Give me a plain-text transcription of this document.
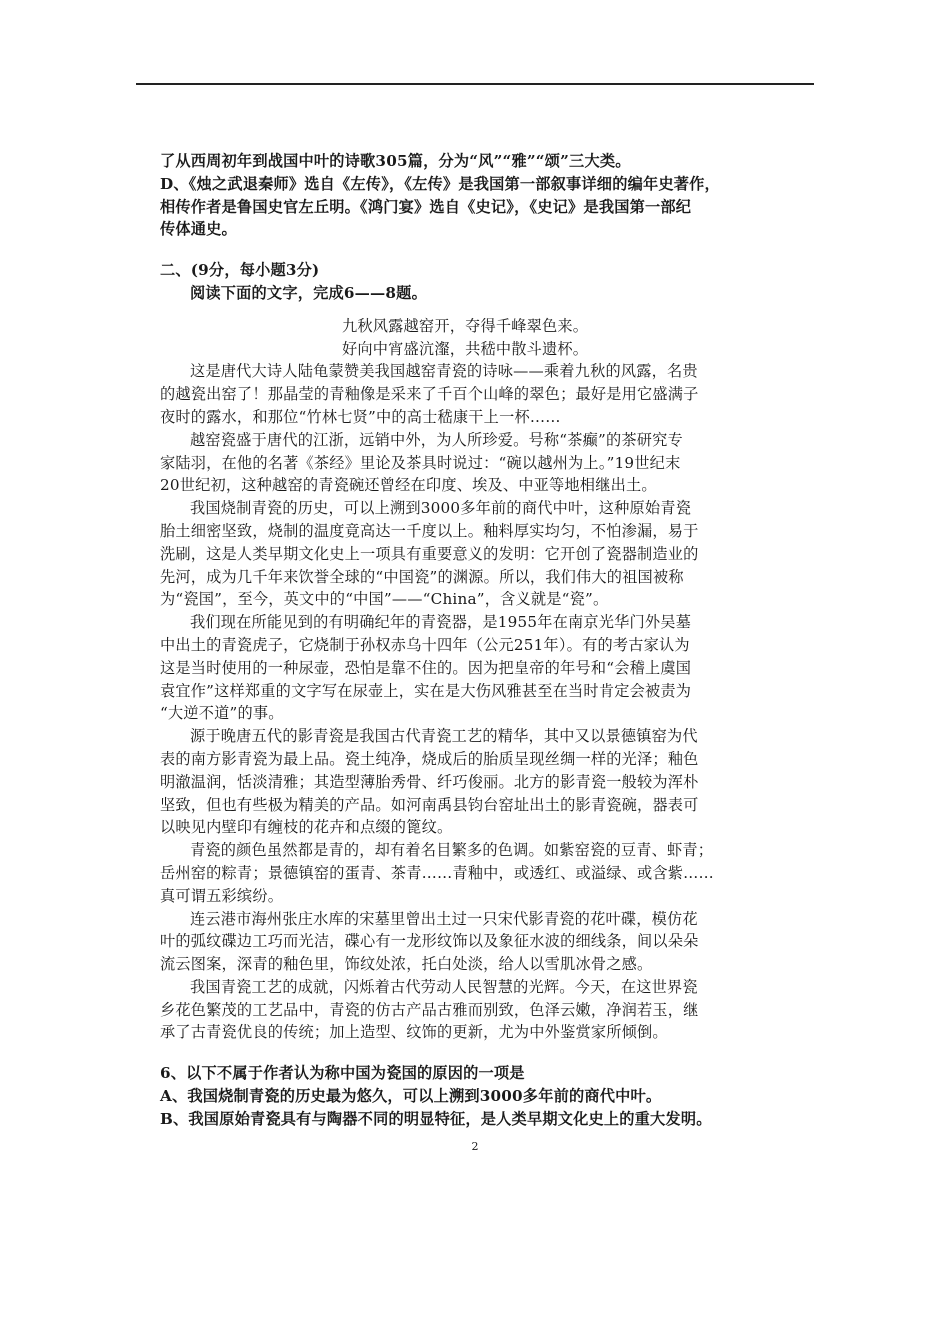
了从西周初年到战国中叶的诗歌305篇，分为“风”“雅”“颂”三大类。
D、《烛之武退秦师》选自《左传》，《左传》是我国第一部叙事详细的编年史著作，
相传作者是鲁国史官左丘明。《鸿门宴》选自《史记》，《史记》是我国第一部纪
传体通史。
二、(9分，每小题3分)
阅读下面的文字，完成6——8题。
九秋风露越窑开，夺得千峰翠色来。
好向中宵盛沆瀣，共嵇中散斗遗杯。
这是唐代大诗人陆龟蒙赞美我国越窑青瓷的诗咏——乘着九秋的风露，名贵
的越瓷出窑了！那晶莹的青釉像是采来了千百个山峰的翠色；最好是用它盛满子
夜时的露水，和那位“竹林七贤”中的高士嵇康干上一杯……
越窑瓷盛于唐代的江浙，远销中外，为人所珍爱。号称“茶癫”的茶研究专
家陆羽，在他的名著《茶经》里论及茶具时说过：“碗以越州为上。”19世纪末
20世纪初，这种越窑的青瓷碗还曾经在印度、埃及、中亚等地相继出土。
我国烧制青瓷的历史，可以上溯到3000多年前的商代中叶，这种原始青瓷
胎土细密坚致，烧制的温度竟高达一千度以上。釉料厚实均匀，不怕渗漏，易于
洗刷，这是人类早期文化史上一项具有重要意义的发明：它开创了瓷器制造业的
先河，成为几千年来饮誉全球的“中国瓷”的渊源。所以，我们伟大的祖国被称
为“瓷国”，至今，英文中的“中国”——“China”，含义就是“瓷”。
我们现在所能见到的有明确纪年的青瓷器，是1955年在南京光华门外吴墓
中出土的青瓷虎子，它烧制于孙权赤乌十四年（公元251年）。有的考古家认为
这是当时使用的一种尿壶，恐怕是靠不住的。因为把皇帝的年号和“会稽上虞国
袁宜作”这样郑重的文字写在尿壶上，实在是大伤风雅甚至在当时肯定会被责为
“大逆不道”的事。
源于晚唐五代的影青瓷是我国古代青瓷工艺的精华，其中又以景德镇窑为代
表的南方影青瓷为最上品。瓷土纯净，烧成后的胎质呈现丝绸一样的光泽；釉色
明澈温润，恬淡清雅；其造型薄胎秀骨、纤巧俊丽。北方的影青瓷一般较为浑朴
坚致，但也有些极为精美的产品。如河南禹县钧台窑址出土的影青瓷碗，器表可
以映见内壁印有缠枝的花卉和点缀的篦纹。
青瓷的颜色虽然都是青的，却有着名目繁多的色调。如紫窑瓷的豆青、虾青；
岳州窑的粽青；景德镇窑的蛋青、茶青……青釉中，或透红、或溢绿、或含紫……
真可谓五彩缤纷。
连云港市海州张庄水库的宋墓里曾出土过一只宋代影青瓷的花叶碟，模仿花
叶的弧纹碟边工巧而光洁，碟心有一龙形纹饰以及象征水波的细线条，间以朵朵
流云图案，深青的釉色里，饰纹处浓，托白处淡，给人以雪肌冰骨之感。
我国青瓷工艺的成就，闪烁着古代劳动人民智慧的光辉。今天，在这世界瓷
乡花色繁茂的工艺品中，青瓷的仿古产品古雅而别致，色泽云嫩，净润若玉，继
承了古青瓷优良的传统；加上造型、纹饰的更新，尤为中外鉴赏家所倾倒。
6、以下不属于作者认为称中国为瓷国的原因的一项是
A、我国烧制青瓷的历史最为悠久，可以上溯到3000多年前的商代中叶。
B、我国原始青瓷具有与陶器不同的明显特征，是人类早期文化史上的重大发明。
2
